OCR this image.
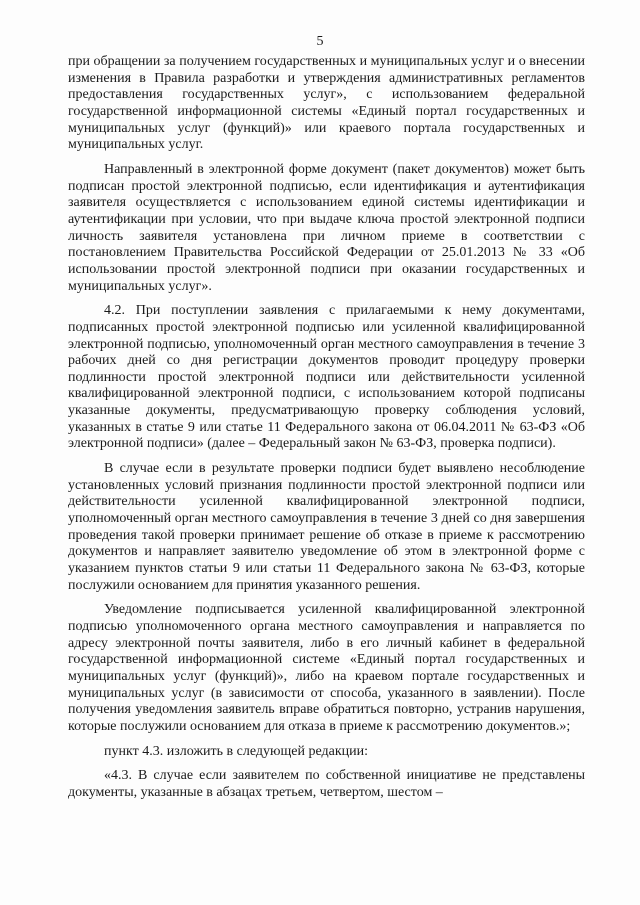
5

при обращении за получением государственных и муниципальных услуг и о внесении изменения в Правила разработки и утверждения административных регламентов предоставления государственных услуг», с использованием федеральной государственной информационной системы «Единый портал государственных и муниципальных услуг (функций)» или краевого портала государственных и муниципальных услуг.

Направленный в электронной форме документ (пакет документов) может быть подписан простой электронной подписью, если идентификация и аутентификация заявителя осуществляется с использованием единой системы идентификации и аутентификации при условии, что при выдаче ключа простой электронной подписи личность заявителя установлена при личном приеме в соответствии с постановлением Правительства Российской Федерации от 25.01.2013 № 33 «Об использовании простой электронной подписи при оказании государственных и муниципальных услуг».

4.2. При поступлении заявления с прилагаемыми к нему документами, подписанных простой электронной подписью или усиленной квалифицированной электронной подписью, уполномоченный орган местного самоуправления в течение 3 рабочих дней со дня регистрации документов проводит процедуру проверки подлинности простой электронной подписи или действительности усиленной квалифицированной электронной подписи, с использованием которой подписаны указанные документы, предусматривающую проверку соблюдения условий, указанных в статье 9 или статье 11 Федерального закона от 06.04.2011 № 63-ФЗ «Об электронной подписи» (далее – Федеральный закон № 63-ФЗ, проверка подписи).

В случае если в результате проверки подписи будет выявлено несоблюдение установленных условий признания подлинности простой электронной подписи или действительности усиленной квалифицированной электронной подписи, уполномоченный орган местного самоуправления в течение 3 дней со дня завершения проведения такой проверки принимает решение об отказе в приеме к рассмотрению документов и направляет заявителю уведомление об этом в электронной форме с указанием пунктов статьи 9 или статьи 11 Федерального закона № 63-ФЗ, которые послужили основанием для принятия указанного решения.

Уведомление подписывается усиленной квалифицированной электронной подписью уполномоченного органа местного самоуправления и направляется по адресу электронной почты заявителя, либо в его личный кабинет в федеральной государственной информационной системе «Единый портал государственных и муниципальных услуг (функций)», либо на краевом портале государственных и муниципальных услуг (в зависимости от способа, указанного в заявлении). После получения уведомления заявитель вправе обратиться повторно, устранив нарушения, которые послужили основанием для отказа в приеме к рассмотрению документов.»;

пункт 4.3. изложить в следующей редакции:

«4.3. В случае если заявителем по собственной инициативе не представлены документы, указанные в абзацах третьем, четвертом, шестом –
